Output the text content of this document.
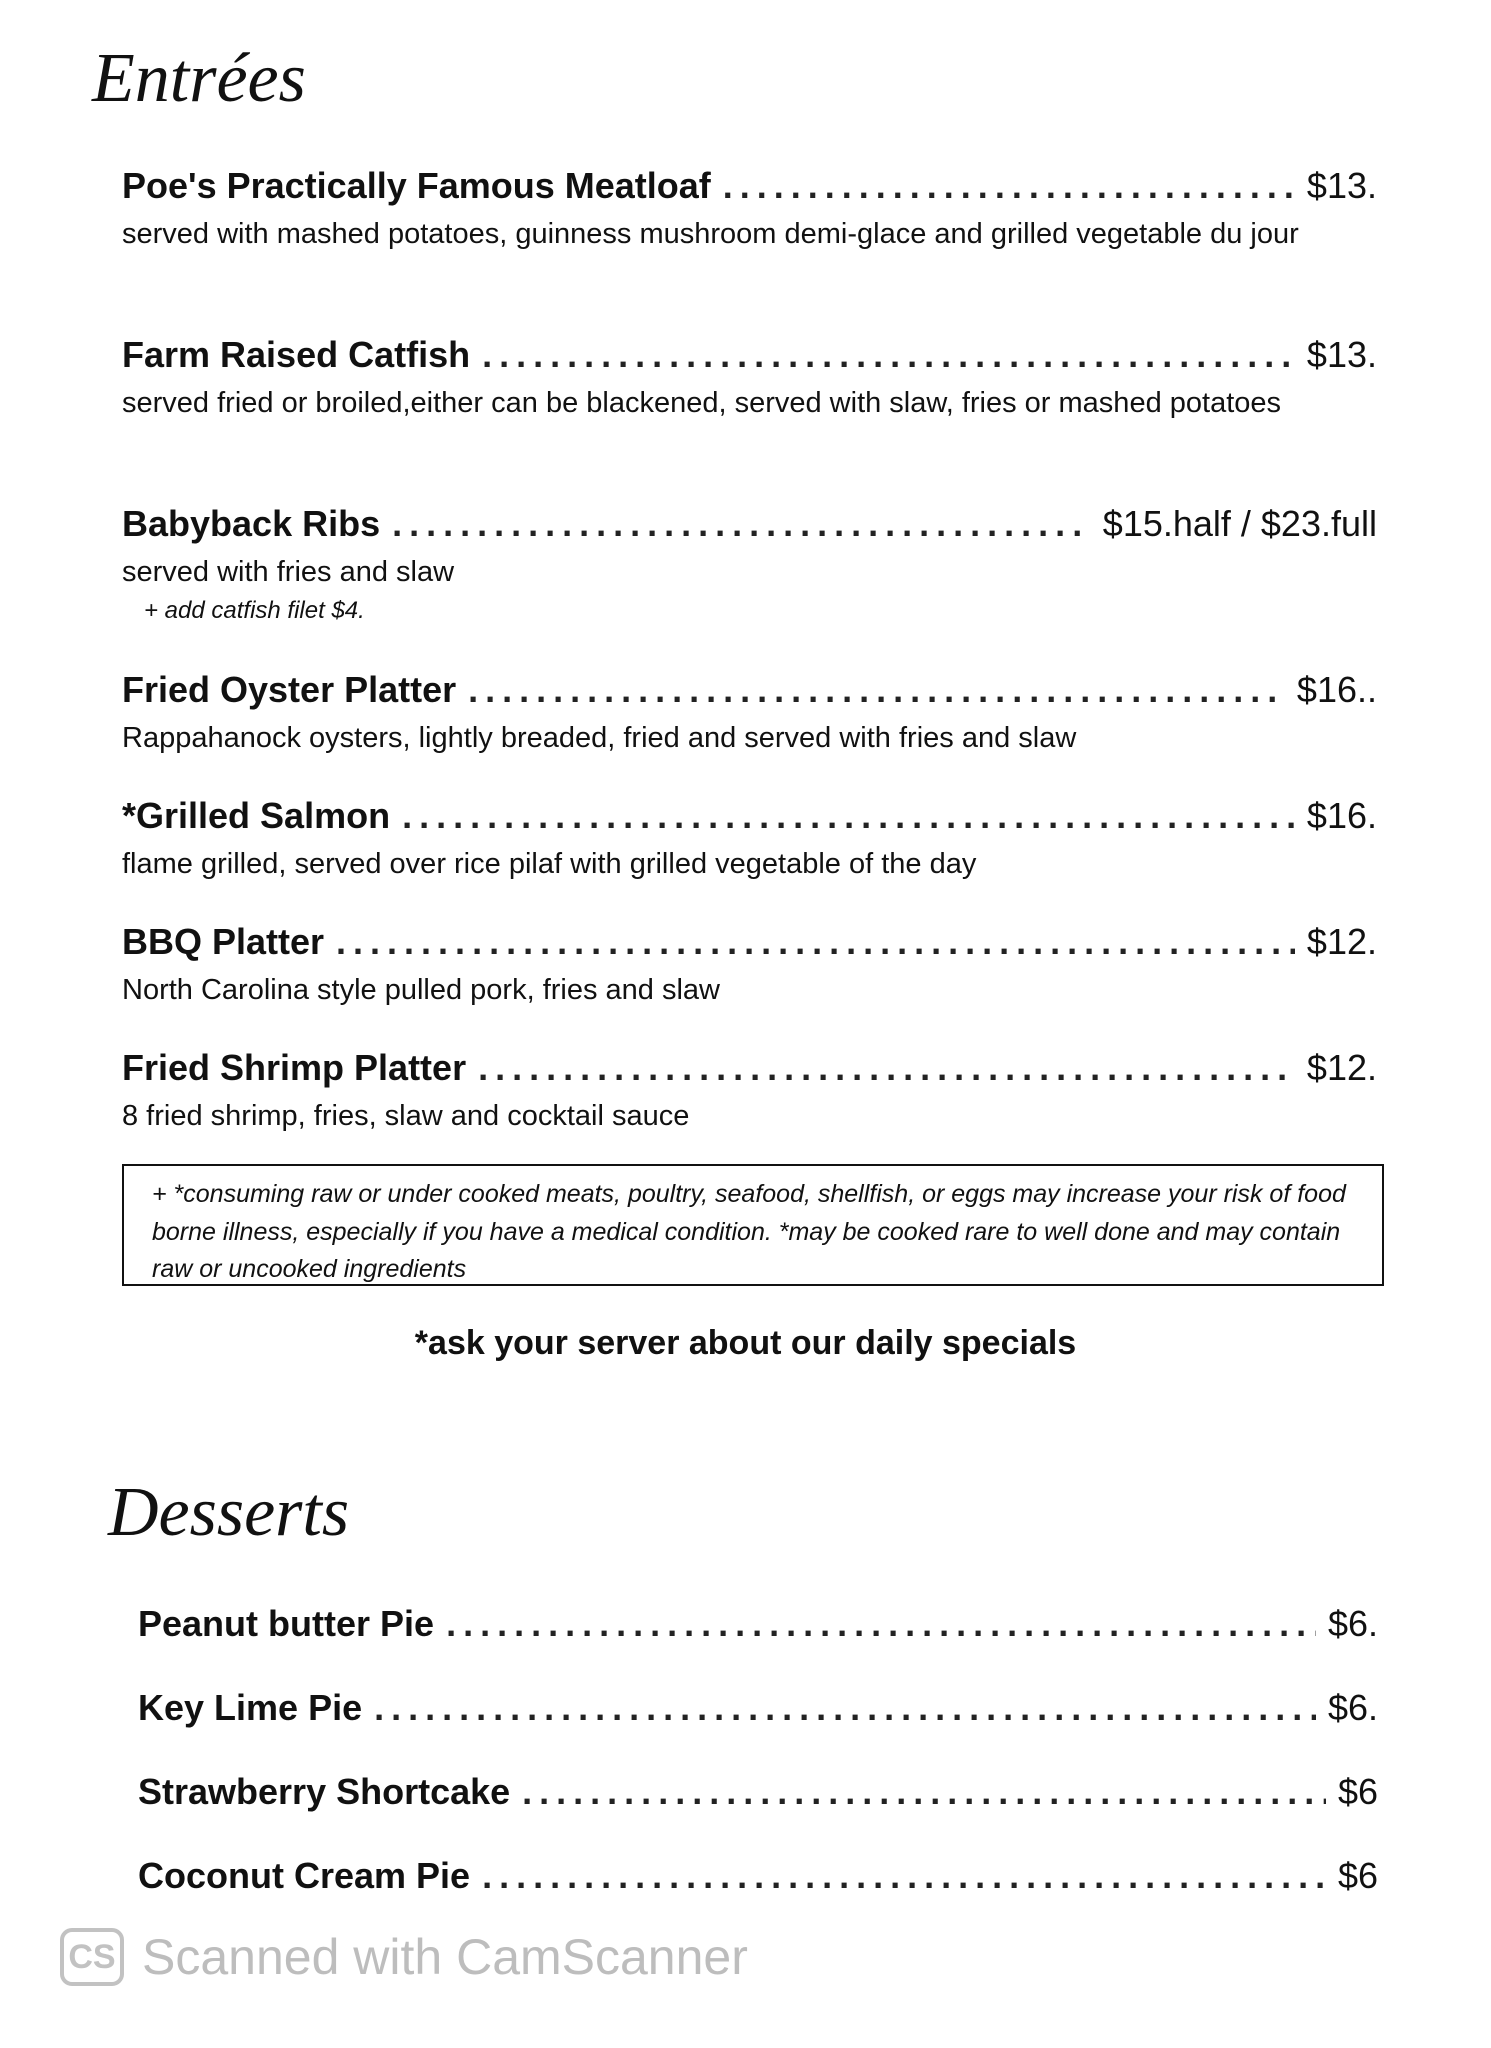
Entrées
Poe's Practically Famous Meatloaf .....	$13.
served with mashed potatoes, guinness mushroom demi-glace and grilled vegetable du jour
Farm Raised Catfish .....	$13.
served fried or broiled,either can be blackened, served with slaw, fries or mashed potatoes
Babyback Ribs .....	$15.half / $23.full
served with fries and slaw
+ add catfish filet $4.
Fried Oyster Platter .....	$16..
Rappahanock oysters, lightly breaded, fried and served with fries and slaw
*Grilled Salmon .....	$16.
flame grilled, served over rice pilaf with grilled vegetable of the day
BBQ Platter .....	$12.
North Carolina style pulled pork, fries and slaw
Fried Shrimp Platter .....	$12.
8 fried shrimp, fries, slaw and cocktail sauce
+ *consuming raw or under cooked meats, poultry, seafood, shellfish, or eggs may increase your risk of food borne illness, especially if you have a medical condition. *may be cooked rare to well done and may contain raw or uncooked ingredients
*ask your server about our daily specials
Desserts
Peanut butter Pie .....	$6.
Key Lime Pie .....	$6.
Strawberry Shortcake .....	$6
Coconut Cream Pie .....	$6
CS Scanned with CamScanner
